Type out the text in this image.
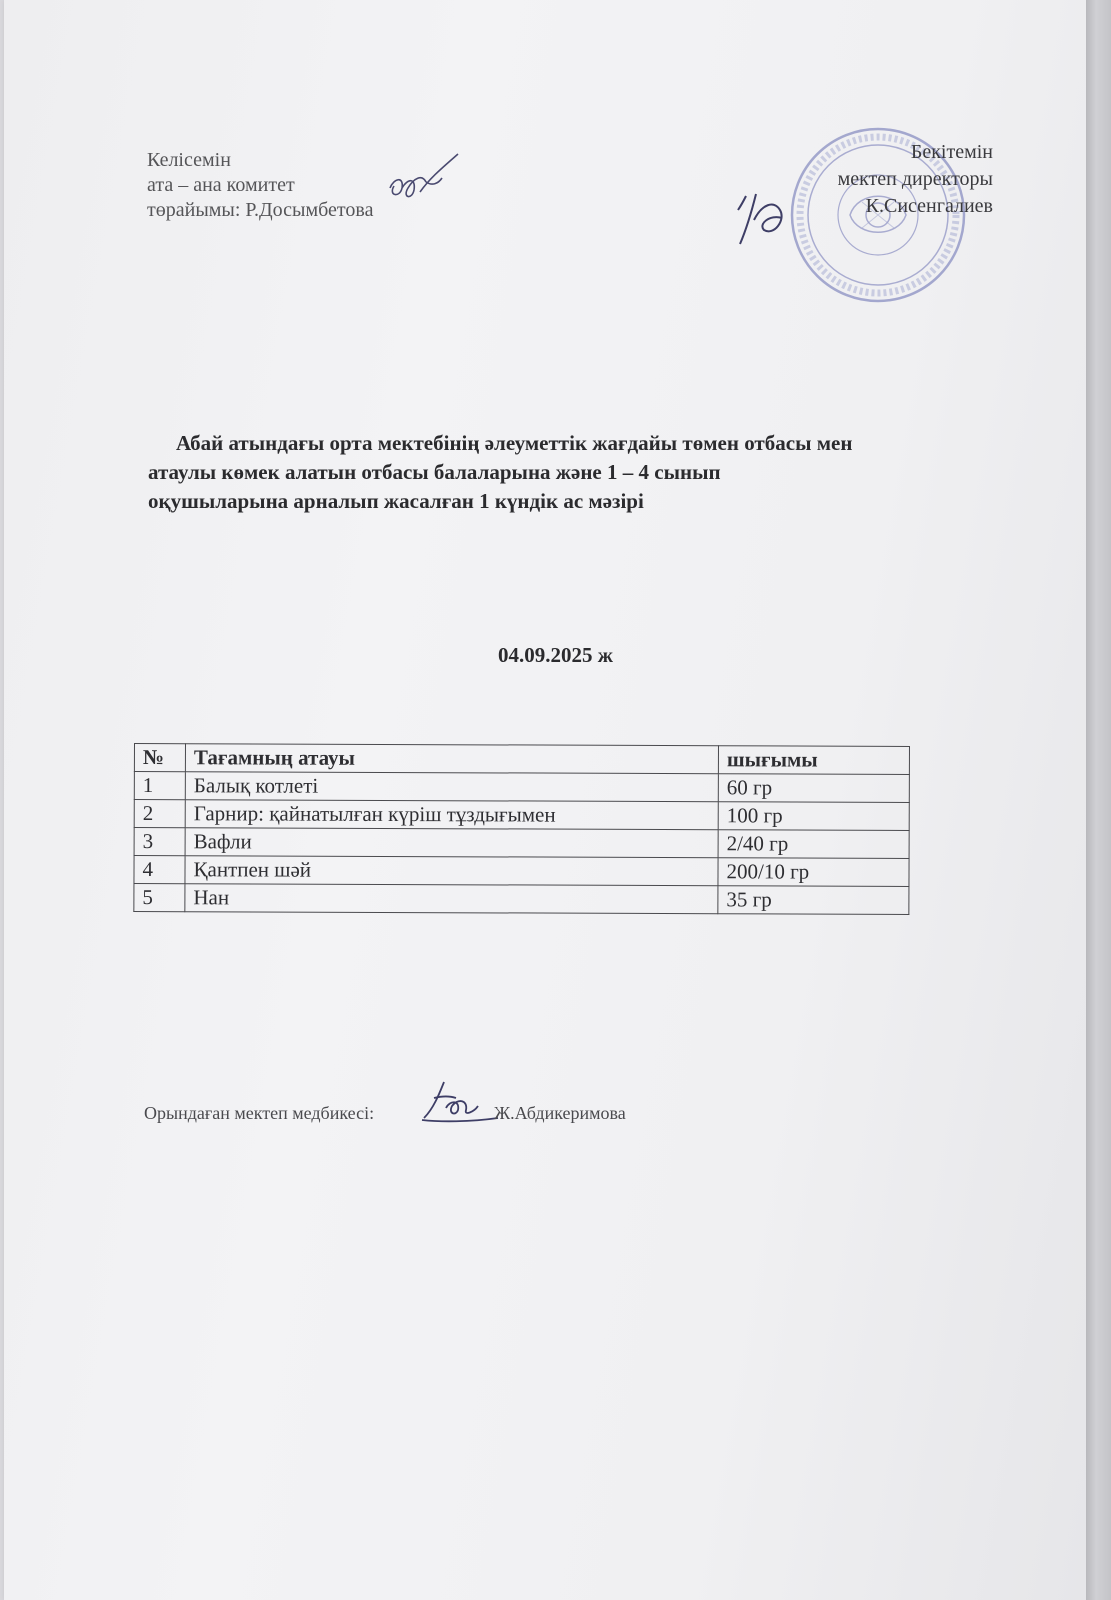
Келісемін
ата – ана комитет
төрайымы: Р.Досымбетова
Бекітемін
мектеп директоры
К.Сисенгалиев
Абай атындағы орта мектебінің әлеуметтік жағдайы төмен отбасы мен
атаулы көмек алатын отбасы балаларына және 1 – 4 сынып
оқушыларына арналып жасалған 1 күндік ас мәзірі
04.09.2025 ж
№	Тағамның атауы	шығымы
1	Балық котлеті	60 гр
2	Гарнир: қайнатылған күріш тұздығымен	100 гр
3	Вафли	2/40 гр
4	Қантпен шәй	200/10 гр
5	Нан	35 гр
Орындаған мектеп медбикесі:	Ж.Абдикеримова
